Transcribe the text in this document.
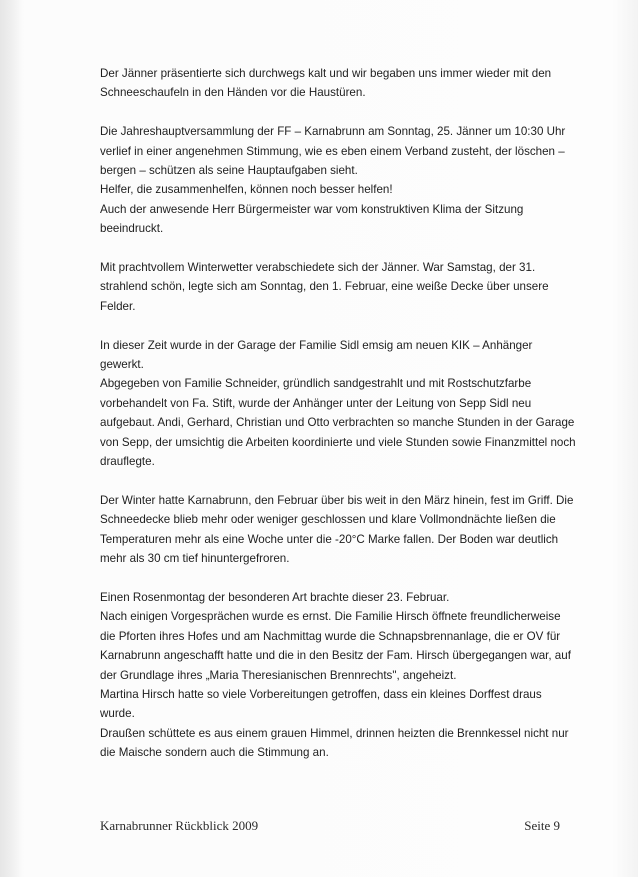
Der Jänner präsentierte sich durchwegs kalt und wir begaben uns immer wieder mit den
Schneeschaufeln in den Händen vor die Haustüren.
Die Jahreshauptversammlung der FF – Karnabrunn am Sonntag, 25. Jänner um 10:30 Uhr
verlief in einer angenehmen Stimmung, wie es eben einem Verband zusteht, der löschen –
bergen – schützen als seine Hauptaufgaben sieht.
Helfer, die zusammenhelfen, können noch besser helfen!
Auch der anwesende Herr Bürgermeister war vom konstruktiven Klima der Sitzung
beeindruckt.
Mit prachtvollem Winterwetter verabschiedete sich der Jänner. War Samstag, der 31.
strahlend schön, legte sich am Sonntag, den 1. Februar, eine weiße Decke über unsere
Felder.
In dieser Zeit wurde in der Garage der Familie Sidl emsig am neuen KIK – Anhänger
gewerkt.
Abgegeben von Familie Schneider, gründlich sandgestrahlt und mit Rostschutzfarbe
vorbehandelt von Fa. Stift, wurde der Anhänger unter der Leitung von Sepp Sidl neu
aufgebaut. Andi, Gerhard, Christian und Otto verbrachten so manche Stunden in der Garage
von Sepp, der umsichtig die Arbeiten koordinierte und viele Stunden sowie Finanzmittel noch
drauflegte.
Der Winter hatte Karnabrunn, den Februar über bis weit in den März hinein, fest im Griff. Die
Schneedecke blieb mehr oder weniger geschlossen und klare Vollmondnächte ließen die
Temperaturen mehr als eine Woche unter die -20°C Marke fallen. Der Boden war deutlich
mehr als 30 cm tief hinuntergefroren.
Einen Rosenmontag der besonderen Art brachte dieser 23. Februar.
Nach einigen Vorgesprächen wurde es ernst. Die Familie Hirsch öffnete freundlicherweise
die Pforten ihres Hofes und am Nachmittag wurde die Schnapsbrennanlage, die er OV für
Karnabrunn angeschafft hatte und die in den Besitz der Fam. Hirsch übergegangen war, auf
der Grundlage ihres „Maria Theresianischen Brennrechts", angeheizt.
Martina Hirsch hatte so viele Vorbereitungen getroffen, dass ein kleines Dorffest draus
wurde.
Draußen schüttete es aus einem grauen Himmel, drinnen heizten die Brennkessel nicht nur
die Maische sondern auch die Stimmung an.
Karnabrunner Rückblick 2009	Seite 9
